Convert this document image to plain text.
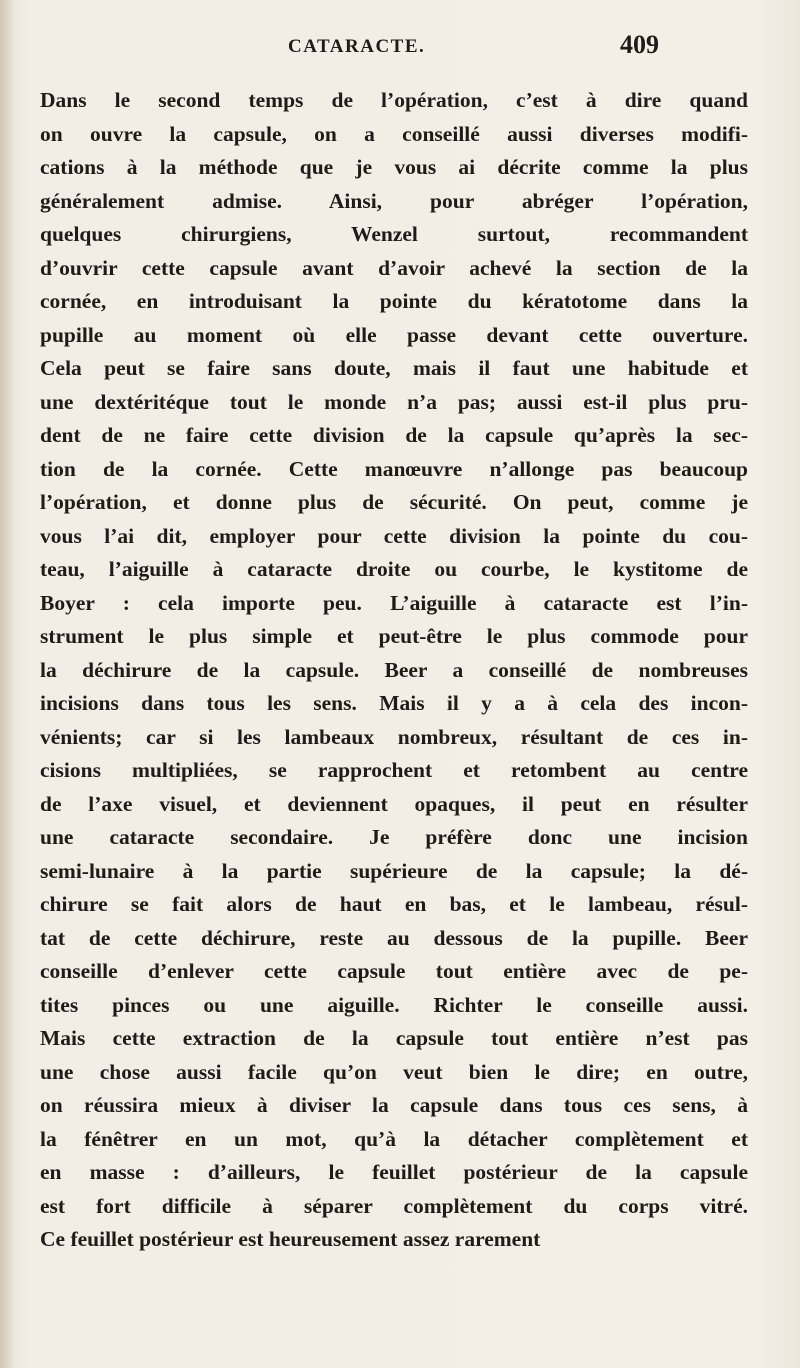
CATARACTE.	409
Dans le second temps de l’opération, c’est à dire quand
on ouvre la capsule, on a conseillé aussi diverses modifi-
cations à la méthode que je vous ai décrite comme la plus
généralement admise. Ainsi, pour abréger l’opération,
quelques chirurgiens, Wenzel surtout, recommandent
d’ouvrir cette capsule avant d’avoir achevé la section de la
cornée, en introduisant la pointe du kératotome dans la
pupille au moment où elle passe devant cette ouverture.
Cela peut se faire sans doute, mais il faut une habitude et
une dextéritéque tout le monde n’a pas; aussi est-il plus pru-
dent de ne faire cette division de la capsule qu’après la sec-
tion de la cornée. Cette manœuvre n’allonge pas beaucoup
l’opération, et donne plus de sécurité. On peut, comme je
vous l’ai dit, employer pour cette division la pointe du cou-
teau, l’aiguille à cataracte droite ou courbe, le kystitome de
Boyer : cela importe peu. L’aiguille à cataracte est l’in-
strument le plus simple et peut-être le plus commode pour
la déchirure de la capsule. Beer a conseillé de nombreuses
incisions dans tous les sens. Mais il y a à cela des incon-
vénients; car si les lambeaux nombreux, résultant de ces in-
cisions multipliées, se rapprochent et retombent au centre
de l’axe visuel, et deviennent opaques, il peut en résulter
une cataracte secondaire. Je préfère donc une incision
semi-lunaire à la partie supérieure de la capsule; la dé-
chirure se fait alors de haut en bas, et le lambeau, résul-
tat de cette déchirure, reste au dessous de la pupille. Beer
conseille d’enlever cette capsule tout entière avec de pe-
tites pinces ou une aiguille. Richter le conseille aussi.
Mais cette extraction de la capsule tout entière n’est pas
une chose aussi facile qu’on veut bien le dire; en outre,
on réussira mieux à diviser la capsule dans tous ces sens, à
la fénêtrer en un mot, qu’à la détacher complètement et
en masse : d’ailleurs, le feuillet postérieur de la capsule
est fort difficile à séparer complètement du corps vitré.
Ce feuillet postérieur est heureusement assez rarement
